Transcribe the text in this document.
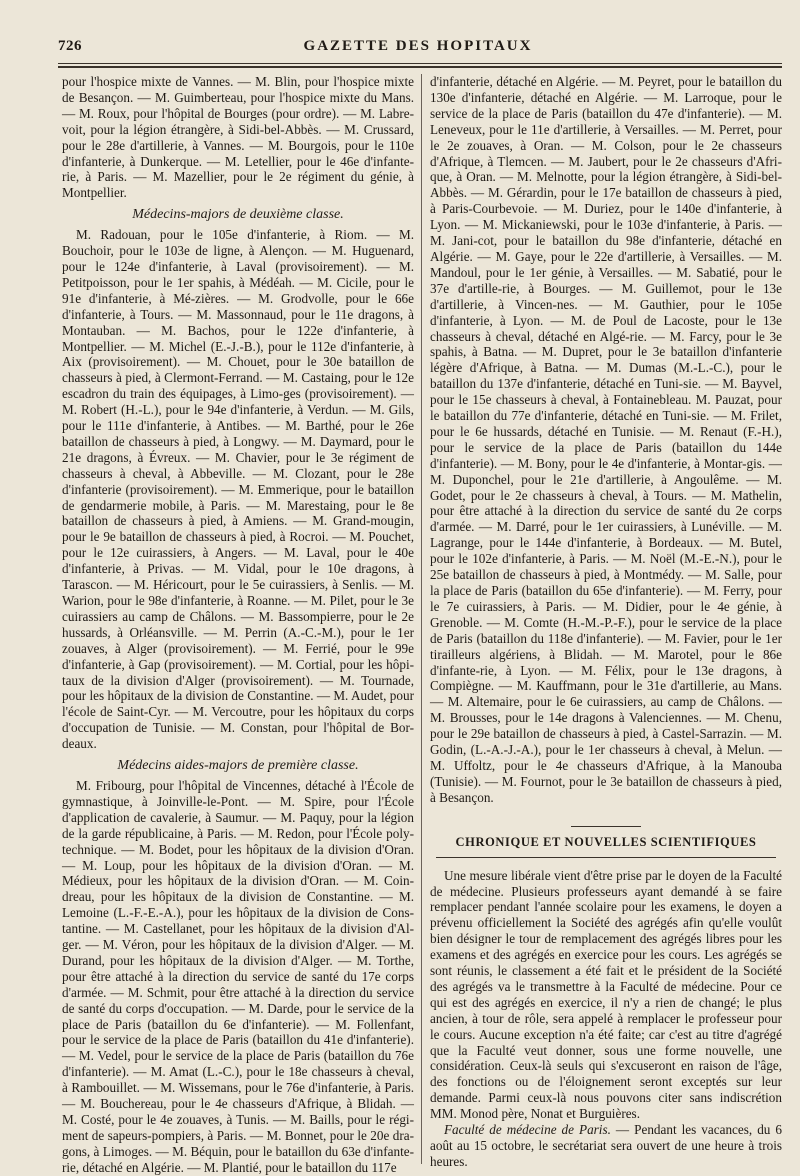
726	GAZETTE DES HOPITAUX

pour l'hospice mixte de Vannes. — M. Blin, pour l'hospice mixte de Besançon. — M. Guimberteau, pour l'hospice mixte du Mans. — M. Roux, pour l'hôpital de Bourges (pour ordre). — M. Labre-voit, pour la légion étrangère, à Sidi-bel-Abbès. — M. Crussard, pour le 28e d'artillerie, à Vannes. — M. Bourgois, pour le 110e d'infanterie, à Dunkerque. — M. Letellier, pour le 46e d'infante-rie, à Paris. — M. Mazellier, pour le 2e régiment du génie, à Montpellier.

Médecins-majors de deuxième classe.

M. Radouan, pour le 105e d'infanterie, à Riom. — M. Bouchoir, pour le 103e de ligne, à Alençon. — M. Huguenard, pour le 124e d'infanterie, à Laval (provisoirement). — M. Petitpoisson, pour le 1er spahis, à Médéah. — M. Cicile, pour le 91e d'infanterie, à Mé-zières. — M. Grodvolle, pour le 66e d'infanterie, à Tours. — M. Massonnaud, pour le 11e dragons, à Montauban. — M. Bachos, pour le 122e d'infanterie, à Montpellier. — M. Michel (E.-J.-B.), pour le 112e d'infanterie, à Aix (provisoirement). — M. Chouet, pour le 30e bataillon de chasseurs à pied, à Clermont-Ferrand. — M. Castaing, pour le 12e escadron du train des équipages, à Limo-ges (provisoirement). — M. Robert (H.-L.), pour le 94e d'infanterie, à Verdun. — M. Gils, pour le 111e d'infanterie, à Antibes. — M. Barthé, pour le 26e bataillon de chasseurs à pied, à Longwy. — M. Daymard, pour le 21e dragons, à Évreux. — M. Chavier, pour le 3e régiment de chasseurs à cheval, à Abbeville. — M. Clozant, pour le 28e d'infanterie (provisoirement). — M. Emmerique, pour le bataillon de gendarmerie mobile, à Paris. — M. Marestaing, pour le 8e bataillon de chasseurs à pied, à Amiens. — M. Grand-mougin, pour le 9e bataillon de chasseurs à pied, à Rocroi. — M. Pouchet, pour le 12e cuirassiers, à Angers. — M. Laval, pour le 40e d'infanterie, à Privas. — M. Vidal, pour le 10e dragons, à Tarascon. — M. Héricourt, pour le 5e cuirassiers, à Senlis. — M. Warion, pour le 98e d'infanterie, à Roanne. — M. Pilet, pour le 3e cuirassiers au camp de Châlons. — M. Bassompierre, pour le 2e hussards, à Orléansville. — M. Perrin (A.-C.-M.), pour le 1er zouaves, à Alger (provisoirement). — M. Ferrié, pour le 99e d'infanterie, à Gap (provisoirement). — M. Cortial, pour les hôpi-taux de la division d'Alger (provisoirement). — M. Tournade, pour les hôpitaux de la division de Constantine. — M. Audet, pour l'école de Saint-Cyr. — M. Vercoutre, pour les hôpitaux du corps d'occupation de Tunisie. — M. Constan, pour l'hôpital de Bor-deaux.

Médecins aides-majors de première classe.

M. Fribourg, pour l'hôpital de Vincennes, détaché à l'École de gymnastique, à Joinville-le-Pont. — M. Spire, pour l'École d'application de cavalerie, à Saumur. — M. Paquy, pour la légion de la garde républicaine, à Paris. — M. Redon, pour l'École poly-technique. — M. Bodet, pour les hôpitaux de la division d'Oran. — M. Loup, pour les hôpitaux de la division d'Oran. — M. Médieux, pour les hôpitaux de la division d'Oran. — M. Coin-dreau, pour les hôpitaux de la division de Constantine. — M. Lemoine (L.-F.-E.-A.), pour les hôpitaux de la division de Cons-tantine. — M. Castellanet, pour les hôpitaux de la division d'Al-ger. — M. Véron, pour les hôpitaux de la division d'Alger. — M. Durand, pour les hôpitaux de la division d'Alger. — M. Torthe, pour être attaché à la direction du service de santé du 17e corps d'armée. — M. Schmit, pour être attaché à la direction du service de santé du corps d'occupation. — M. Darde, pour le service de la place de Paris (bataillon du 6e d'infanterie). — M. Follenfant, pour le service de la place de Paris (bataillon du 41e d'infanterie). — M. Vedel, pour le service de la place de Paris (bataillon du 76e d'infanterie). — M. Amat (L.-C.), pour le 18e chasseurs à cheval, à Rambouillet. — M. Wissemans, pour le 76e d'infanterie, à Paris. — M. Bouchereau, pour le 4e chasseurs d'Afrique, à Blidah. — M. Costé, pour le 4e zouaves, à Tunis. — M. Baills, pour le régi-ment de sapeurs-pompiers, à Paris. — M. Bonnet, pour le 20e dra-gons, à Limoges. — M. Béquin, pour le bataillon du 63e d'infante-rie, détaché en Algérie. — M. Plantié, pour le bataillon du 117e

d'infanterie, détaché en Algérie. — M. Peyret, pour le bataillon du 130e d'infanterie, détaché en Algérie. — M. Larroque, pour le service de la place de Paris (bataillon du 47e d'infanterie). — M. Leneveux, pour le 11e d'artillerie, à Versailles. — M. Perret, pour le 2e zouaves, à Oran. — M. Colson, pour le 2e chasseurs d'Afrique, à Tlemcen. — M. Jaubert, pour le 2e chasseurs d'Afri-que, à Oran. — M. Melnotte, pour la légion étrangère, à Sidi-bel-Abbès. — M. Gérardin, pour le 17e bataillon de chasseurs à pied, à Paris-Courbevoie. — M. Duriez, pour le 140e d'infanterie, à Lyon. — M. Mickaniewski, pour le 103e d'infanterie, à Paris. — M. Jani-cot, pour le bataillon du 98e d'infanterie, détaché en Algérie. — M. Gaye, pour le 22e d'artillerie, à Versailles. — M. Mandoul, pour le 1er génie, à Versailles. — M. Sabatié, pour le 37e d'artille-rie, à Bourges. — M. Guillemot, pour le 13e d'artillerie, à Vincen-nes. — M. Gauthier, pour le 105e d'infanterie, à Lyon. — M. de Poul de Lacoste, pour le 13e chasseurs à cheval, détaché en Algé-rie. — M. Farcy, pour le 3e spahis, à Batna. — M. Dupret, pour le 3e bataillon d'infanterie légère d'Afrique, à Batna. — M. Dumas (M.-L.-C.), pour le bataillon du 137e d'infanterie, détaché en Tuni-sie. — M. Bayvel, pour le 15e chasseurs à cheval, à Fontainebleau. M. Pauzat, pour le bataillon du 77e d'infanterie, détaché en Tuni-sie. — M. Frilet, pour le 6e hussards, détaché en Tunisie. — M. Renaut (F.-H.), pour le service de la place de Paris (bataillon du 144e d'infanterie). — M. Bony, pour le 4e d'infanterie, à Montar-gis. — M. Duponchel, pour le 21e d'artillerie, à Angoulême. — M. Godet, pour le 2e chasseurs à cheval, à Tours. — M. Mathelin, pour être attaché à la direction du service de santé du 2e corps d'armée. — M. Darré, pour le 1er cuirassiers, à Lunéville. — M. Lagrange, pour le 144e d'infanterie, à Bordeaux. — M. Butel, pour le 102e d'infanterie, à Paris. — M. Noël (M.-E.-N.), pour le 25e bataillon de chasseurs à pied, à Montmédy. — M. Salle, pour la place de Paris (bataillon du 65e d'infanterie). — M. Ferry, pour le 7e cuirassiers, à Paris. — M. Didier, pour le 4e génie, à Grenoble. — M. Comte (H.-M.-P.-F.), pour le service de la place de Paris (bataillon du 118e d'infanterie). — M. Favier, pour le 1er tirailleurs algériens, à Blidah. — M. Marotel, pour le 86e d'infante-rie, à Lyon. — M. Félix, pour le 13e dragons, à Compiègne. — M. Kauffmann, pour le 31e d'artillerie, au Mans. — M. Altemaire, pour le 6e cuirassiers, au camp de Châlons. — M. Brousses, pour le 14e dragons à Valenciennes. — M. Chenu, pour le 29e bataillon de chasseurs à pied, à Castel-Sarrazin. — M. Godin, (L.-A.-J.-A.), pour le 1er chasseurs à cheval, à Melun. — M. Uffoltz, pour le 4e chasseurs d'Afrique, à la Manouba (Tunisie). — M. Fournot, pour le 3e bataillon de chasseurs à pied, à Besançon.

CHRONIQUE ET NOUVELLES SCIENTIFIQUES

Une mesure libérale vient d'être prise par le doyen de la Faculté de médecine. Plusieurs professeurs ayant demandé à se faire remplacer pendant l'année scolaire pour les examens, le doyen a prévenu officiellement la Société des agrégés afin qu'elle voulût bien désigner le tour de remplacement des agrégés libres pour les examens et des agrégés en exercice pour les cours. Les agrégés se sont réunis, le classement a été fait et le président de la Société des agrégés va le transmettre à la Faculté de médecine. Pour ce qui est des agrégés en exercice, il n'y a rien de changé; le plus ancien, à tour de rôle, sera appelé à remplacer le professeur pour le cours. Aucune exception n'a été faite; car c'est au titre d'agrégé que la Faculté veut donner, sous une forme nouvelle, une considération. Ceux-là seuls qui s'excuseront en raison de l'âge, des fonctions ou de l'éloignement seront exceptés sur leur demande. Parmi ceux-là nous pouvons citer sans indiscrétion MM. Monod père, Nonat et Burguières.

Faculté de médecine de Paris. — Pendant les vacances, du 6 août au 15 octobre, le secrétariat sera ouvert de une heure à trois heures.
